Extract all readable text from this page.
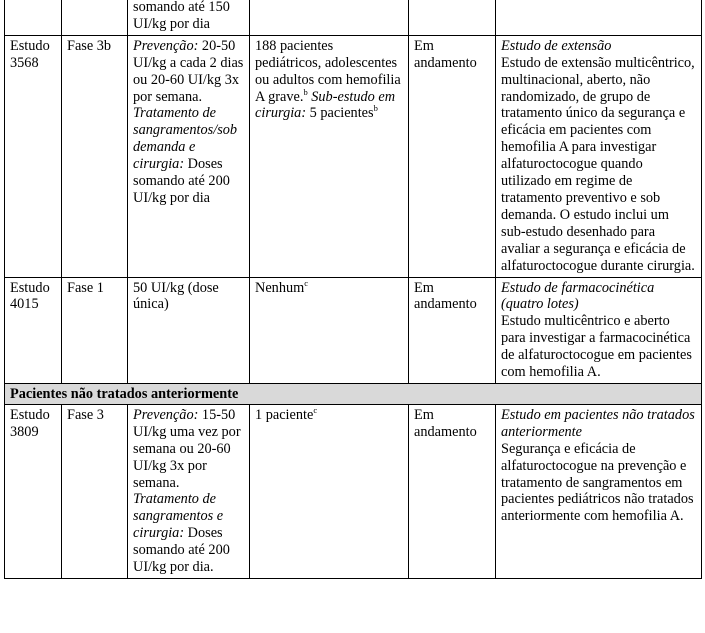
		somando até 150 UI/kg por dia			
Estudo 3568	Fase 3b	Prevenção: 20-50 UI/kg a cada 2 dias ou 20-60 UI/kg 3x por semana. Tratamento de sangramentos/sob demanda e cirurgia: Doses somando até 200 UI/kg por dia	188 pacientes pediátricos, adolescentes ou adultos com hemofilia A grave.$^b$ Sub-estudo em cirurgia: 5 pacientes$^b$	Em andamento	Estudo de extensão
Estudo de extensão multicêntrico, multinacional, aberto, não randomizado, de grupo de tratamento único da segurança e eficácia em pacientes com hemofilia A para investigar alfaturoctocogue quando utilizado em regime de tratamento preventivo e sob demanda. O estudo inclui um sub-estudo desenhado para avaliar a segurança e eficácia de alfaturoctocogue durante cirurgia.

Estudo 4015	Fase 1	50 UI/kg (dose única)	Nenhum$^c$	Em andamento	Estudo de farmacocinética (quatro lotes)
Estudo multicêntrico e aberto para investigar a farmacocinética de alfaturoctocogue em pacientes com hemofilia A.

Pacientes não tratados anteriormente					
Estudo 3809	Fase 3	Prevenção: 15-50 UI/kg uma vez por semana ou 20-60 UI/kg 3x por semana. Tratamento de sangramentos e cirurgia: Doses somando até 200 UI/kg por dia.	1 paciente$^c$	Em andamento	Estudo em pacientes não tratados anteriormente
Segurança e eficácia de alfaturoctocogue na prevenção e tratamento de sangramentos em pacientes pediátricos não tratados anteriormente com hemofilia A.
